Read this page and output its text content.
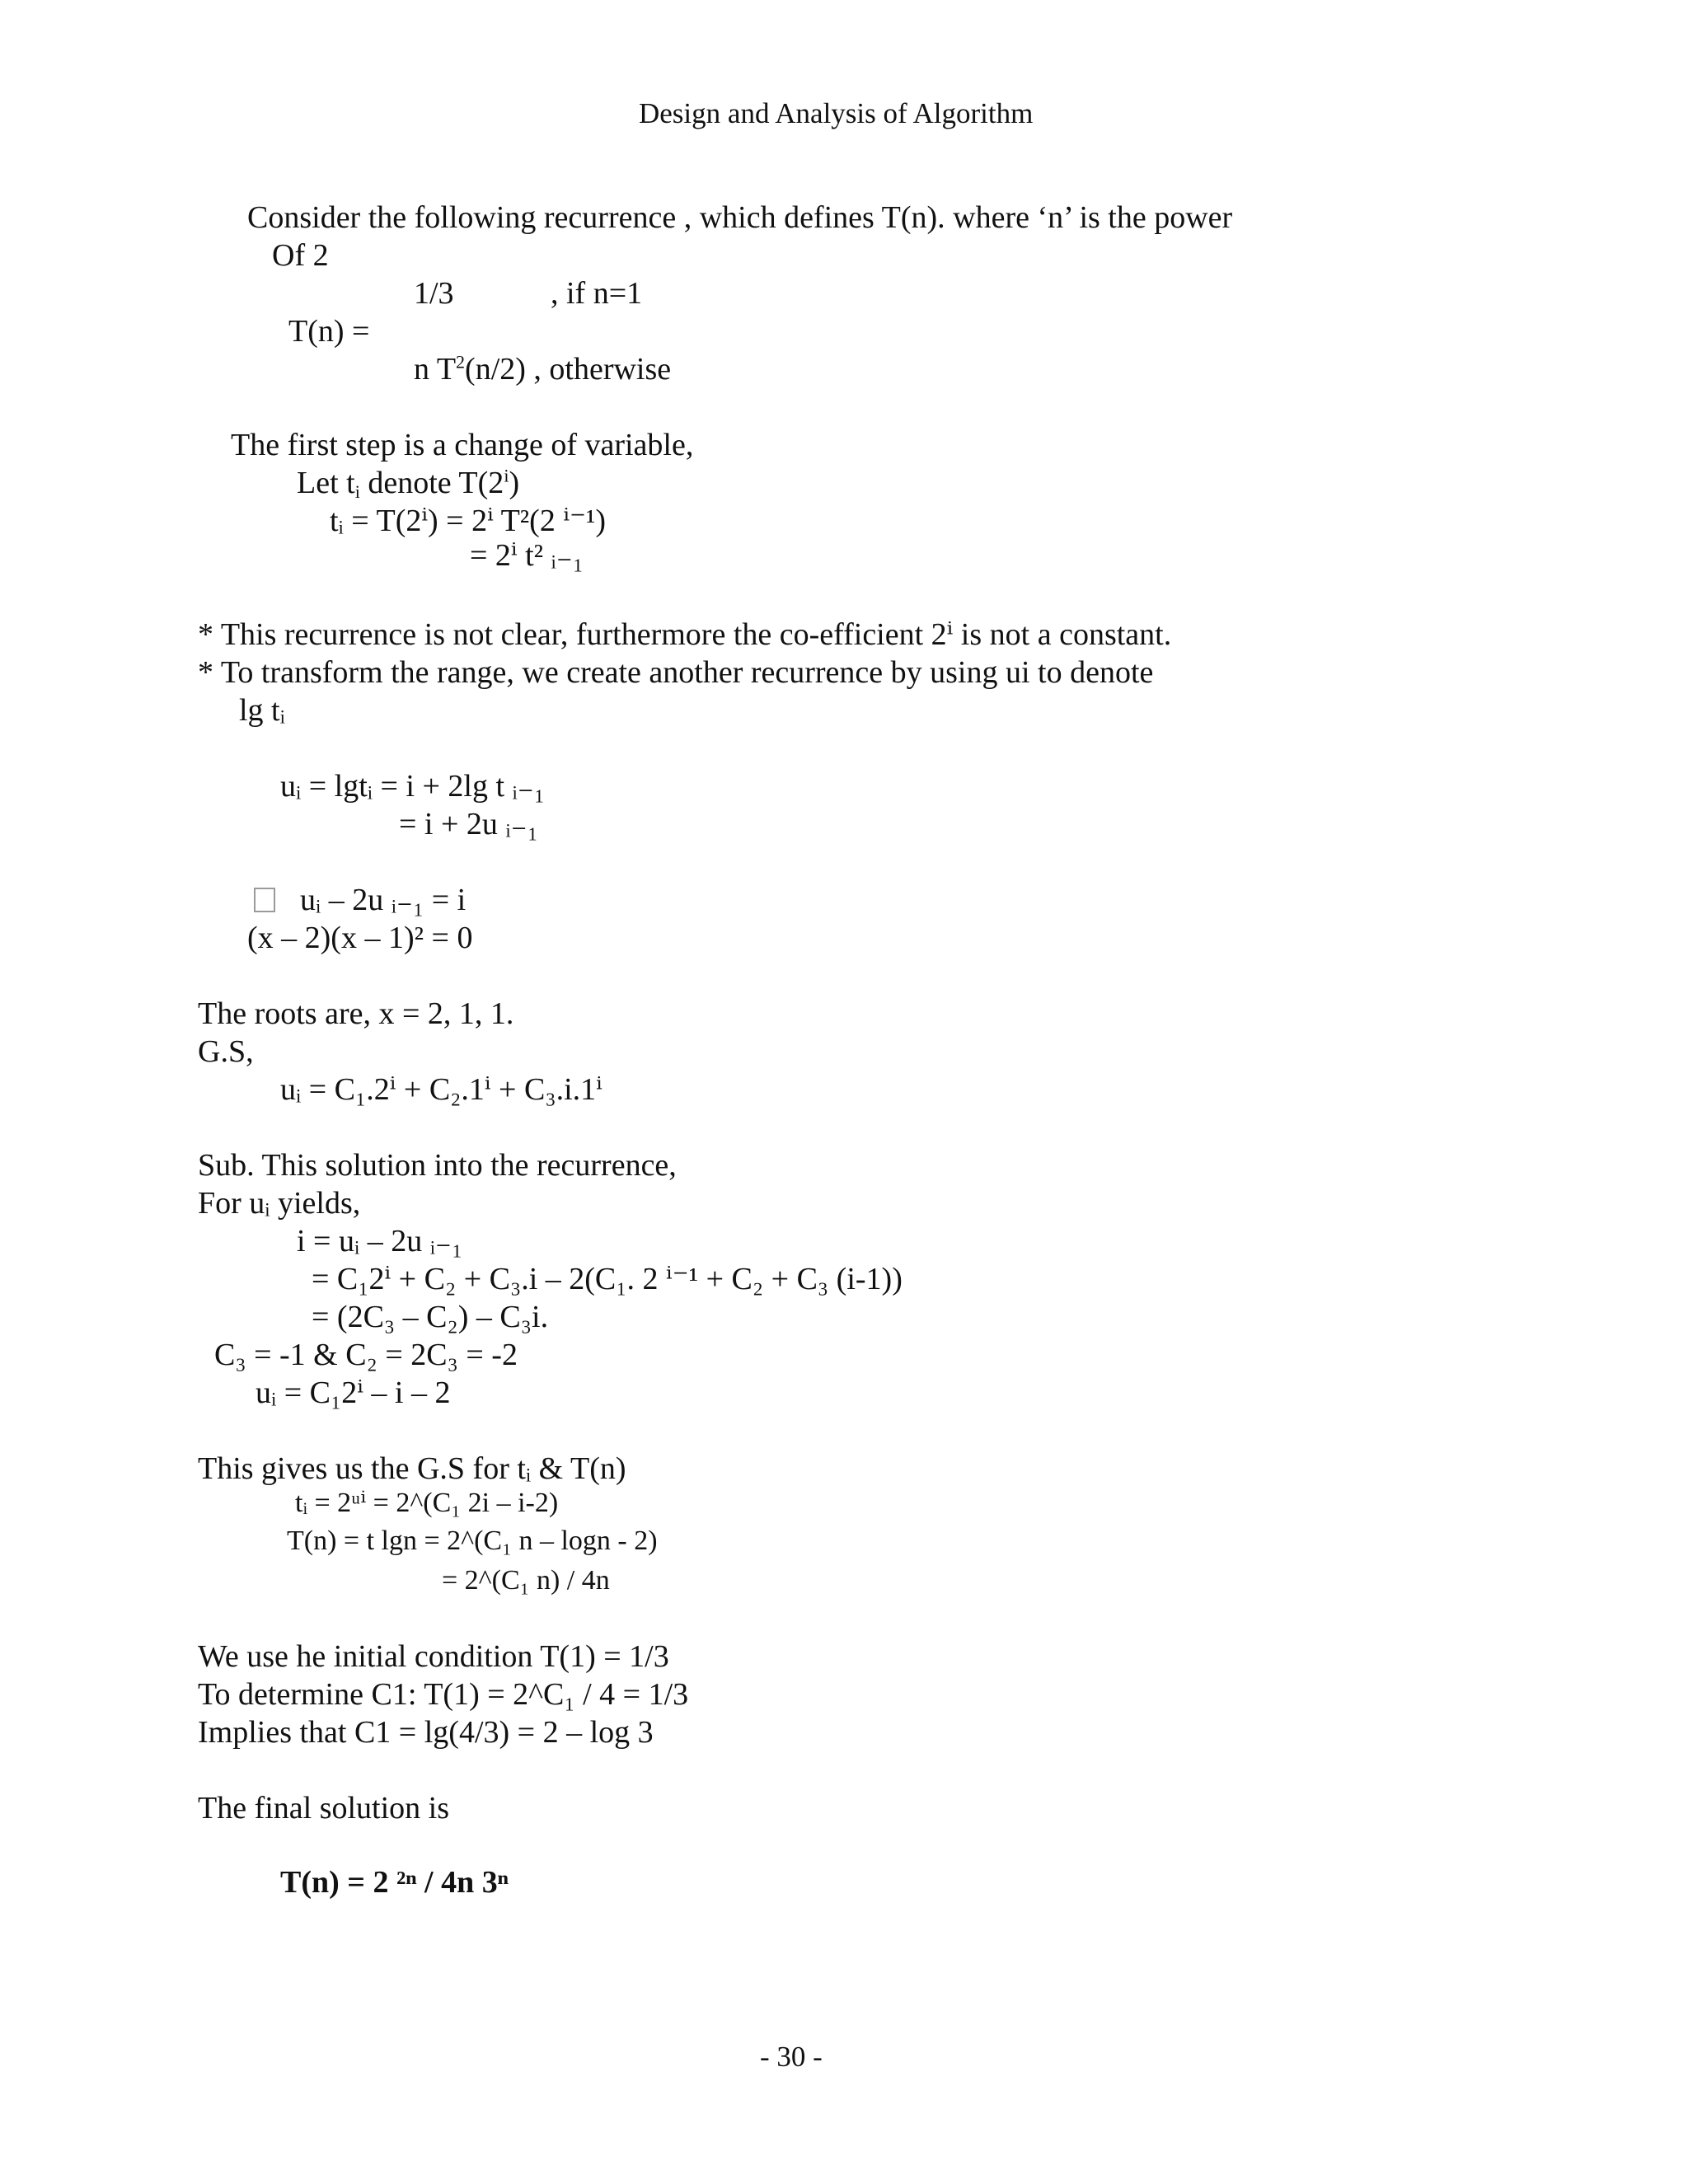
Design and Analysis of Algorithm
Consider the following recurrence , which defines T(n). where ‘n’ is the power
Of 2
1/3	, if n=1
T(n) =
n $T^2(n/2)$ , otherwise
The first step is a change of variable,
Let $t_i$ denote T(2$^i$)
tᵢ = T(2ⁱ) = 2ⁱ T²(2 ⁱ⁻¹)
= 2ⁱ t² ᵢ₋₁
* This recurrence is not clear, furthermore the co-efficient 2ⁱ is not a constant.
* To transform the range, we create another recurrence by using ui to denote
lg tᵢ
uᵢ = lgtᵢ = i + 2lg t ᵢ₋₁
= i + 2u ᵢ₋₁
uᵢ – 2u ᵢ₋₁ = i
(x – 2)(x – 1)² = 0
The roots are, x = 2, 1, 1.
G.S,
uᵢ = C₁.2ⁱ + C₂.1ⁱ + C₃.i.1ⁱ
Sub. This solution into the recurrence,
For uᵢ yields,
i = uᵢ – 2u ᵢ₋₁
= C₁2ⁱ + C₂ + C₃.i – 2(C₁. 2 ⁱ⁻¹ + C₂ + C₃ (i-1))
= (2C₃ – C₂) – C₃i.
C₃ = -1 & C₂ = 2C₃ = -2
uᵢ = C₁2ⁱ – i – 2
This gives us the G.S for tᵢ & T(n)
tᵢ = 2ᵘⁱ = 2^(C₁ 2i – i-2)
T(n) = t lgn = 2^(C₁ n – logn - 2)
= 2^(C₁ n) / 4n
We use he initial condition T(1) = 1/3
To determine C1: T(1) = 2^C₁ / 4 = 1/3
Implies that C1 = lg(4/3) = 2 – log 3
The final solution is
T(n) = 2 ²ⁿ / 4n 3ⁿ
- 30 -
